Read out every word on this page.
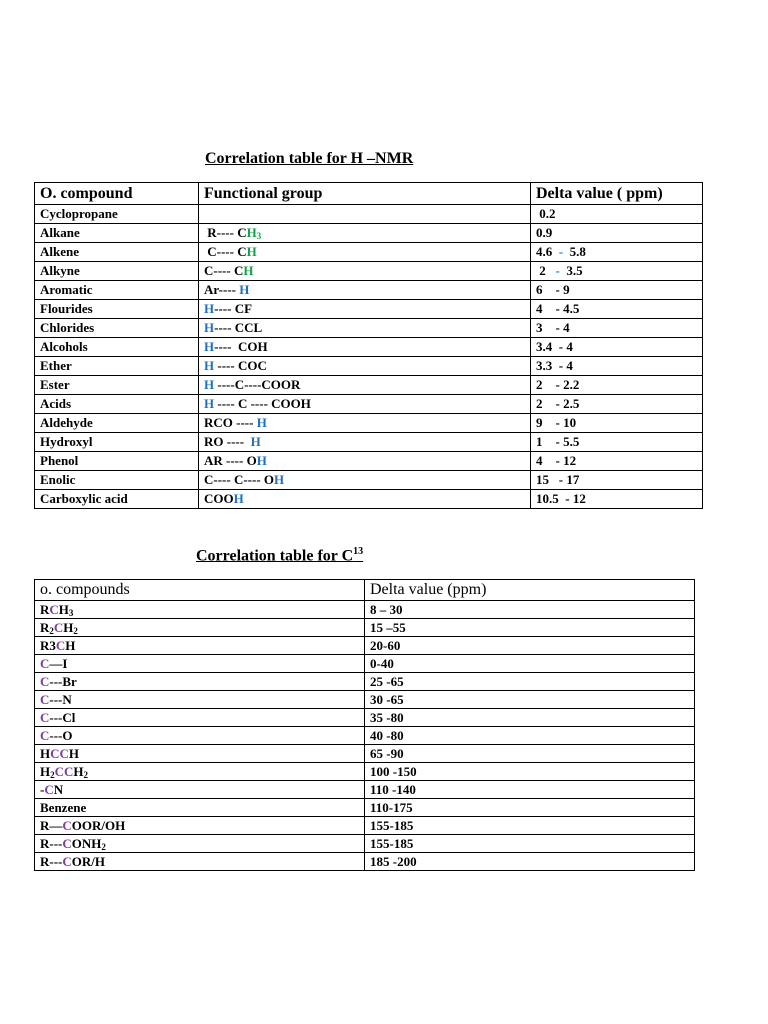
Correlation table for H –NMR
O. compound	Functional group	Delta value ( ppm)
Cyclopropane		0.2
Alkane	R---- $CH_3$	0.9
Alkene	C---- CH	4.6  -  5.8
Alkyne	C---- CH	2   -  3.5
Aromatic	Ar---- H	6    - 9
Flourides	H---- CF	4    - 4.5
Chlorides	H---- CCL	3    - 4
Alcohols	H----  COH	3.4  - 4
Ether	H ---- COC	3.3  - 4
Ester	H ----C----COOR	2    - 2.2
Acids	H ---- C ---- COOH	2    - 2.5
Aldehyde	RCO ---- H	9    - 10
Hydroxyl	RO ----  H	1    - 5.5
Phenol	AR ---- OH	4    - 12
Enolic	C---- C---- OH	15   - 17
Carboxylic acid	COOH	10.5  - 12
Correlation table for $C^{13}$
o. compounds	Delta value (ppm)
$RCH_3$	8 – 30
$R_2CH_2$	15 –55
R3CH	20-60
C—I	0-40
C---Br	25 -65
C---N	30 -65
C---Cl	35 -80
C---O	40 -80
HCCH	65 -90
$H_2CCH_2$	100 -150
-CN	110 -140
Benzene	110-175
R—COOR/OH	155-185
$R---CONH_2$	155-185
R---COR/H	185 -200
